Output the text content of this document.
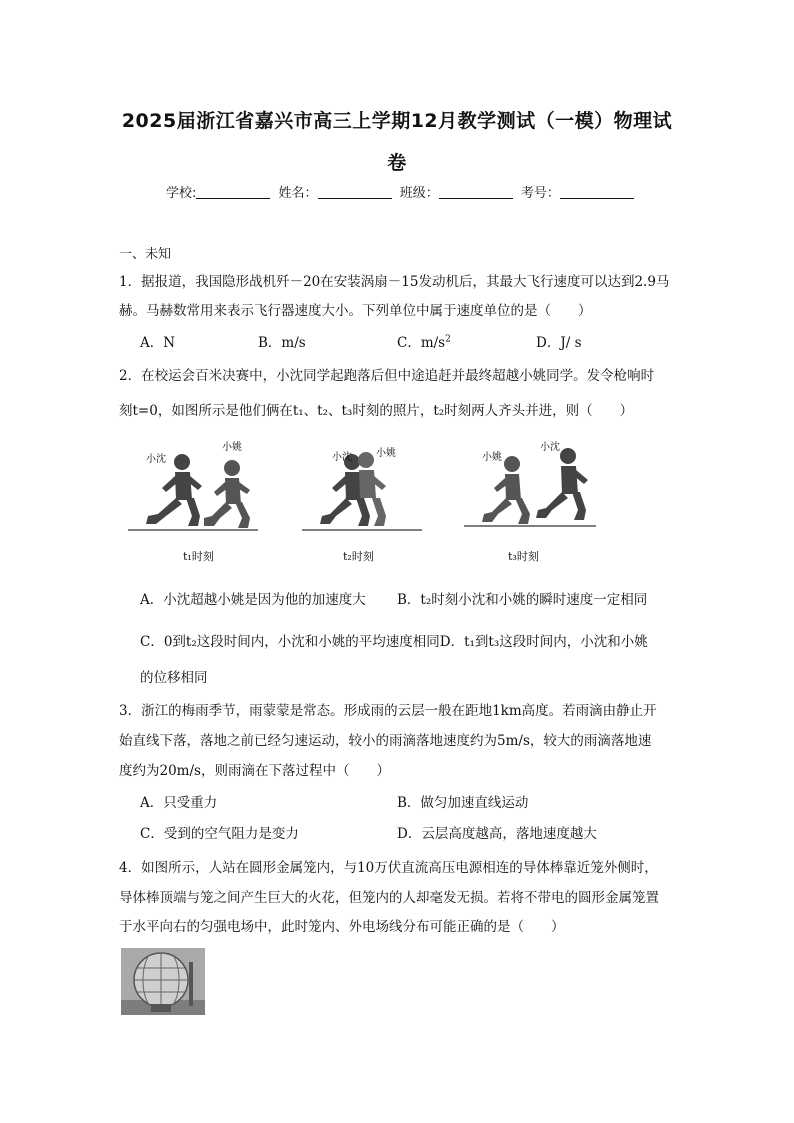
2025届浙江省嘉兴市高三上学期12月教学测试（一模）物理试
卷
学校:	姓名：	班级：	考号：
一、未知
1．据报道，我国隐形战机歼－20在安装涡扇－15发动机后，其最大飞行速度可以达到2.9马
赫。马赫数常用来表示飞行器速度大小。下列单位中属于速度单位的是（　　）
A．N	B．m/s	C．$m/s^2$	D．J/ s
2．在校运会百米决赛中，小沈同学起跑落后但中途追赶并最终超越小姚同学。发令枪响时
刻t=0，如图所示是他们俩在t₁、t₂、t₃时刻的照片，t₂时刻两人齐头并进，则（　　）
小沈
小姚
小沈 小姚	小姚
小沈
t₁时刻	t₂时刻	t₃时刻
A．小沈超越小姚是因为他的加速度大 B．t₂时刻小沈和小姚的瞬时速度一定相同
C．0到t₂这段时间内，小沈和小姚的平均速度相同D．t₁到t₃这段时间内，小沈和小姚
的位移相同
3．浙江的梅雨季节，雨蒙蒙是常态。形成雨的云层一般在距地1km高度。若雨滴由静止开
始直线下落，落地之前已经匀速运动，较小的雨滴落地速度约为5m/s，较大的雨滴落地速
度约为20m/s，则雨滴在下落过程中（　　）
A．只受重力	B．做匀加速直线运动
C．受到的空气阻力是变力	D．云层高度越高，落地速度越大
4．如图所示，人站在圆形金属笼内，与10万伏直流高压电源相连的导体棒靠近笼外侧时，
导体棒顶端与笼之间产生巨大的火花，但笼内的人却毫发无损。若将不带电的圆形金属笼置
于水平向右的匀强电场中，此时笼内、外电场线分布可能正确的是（　　）
